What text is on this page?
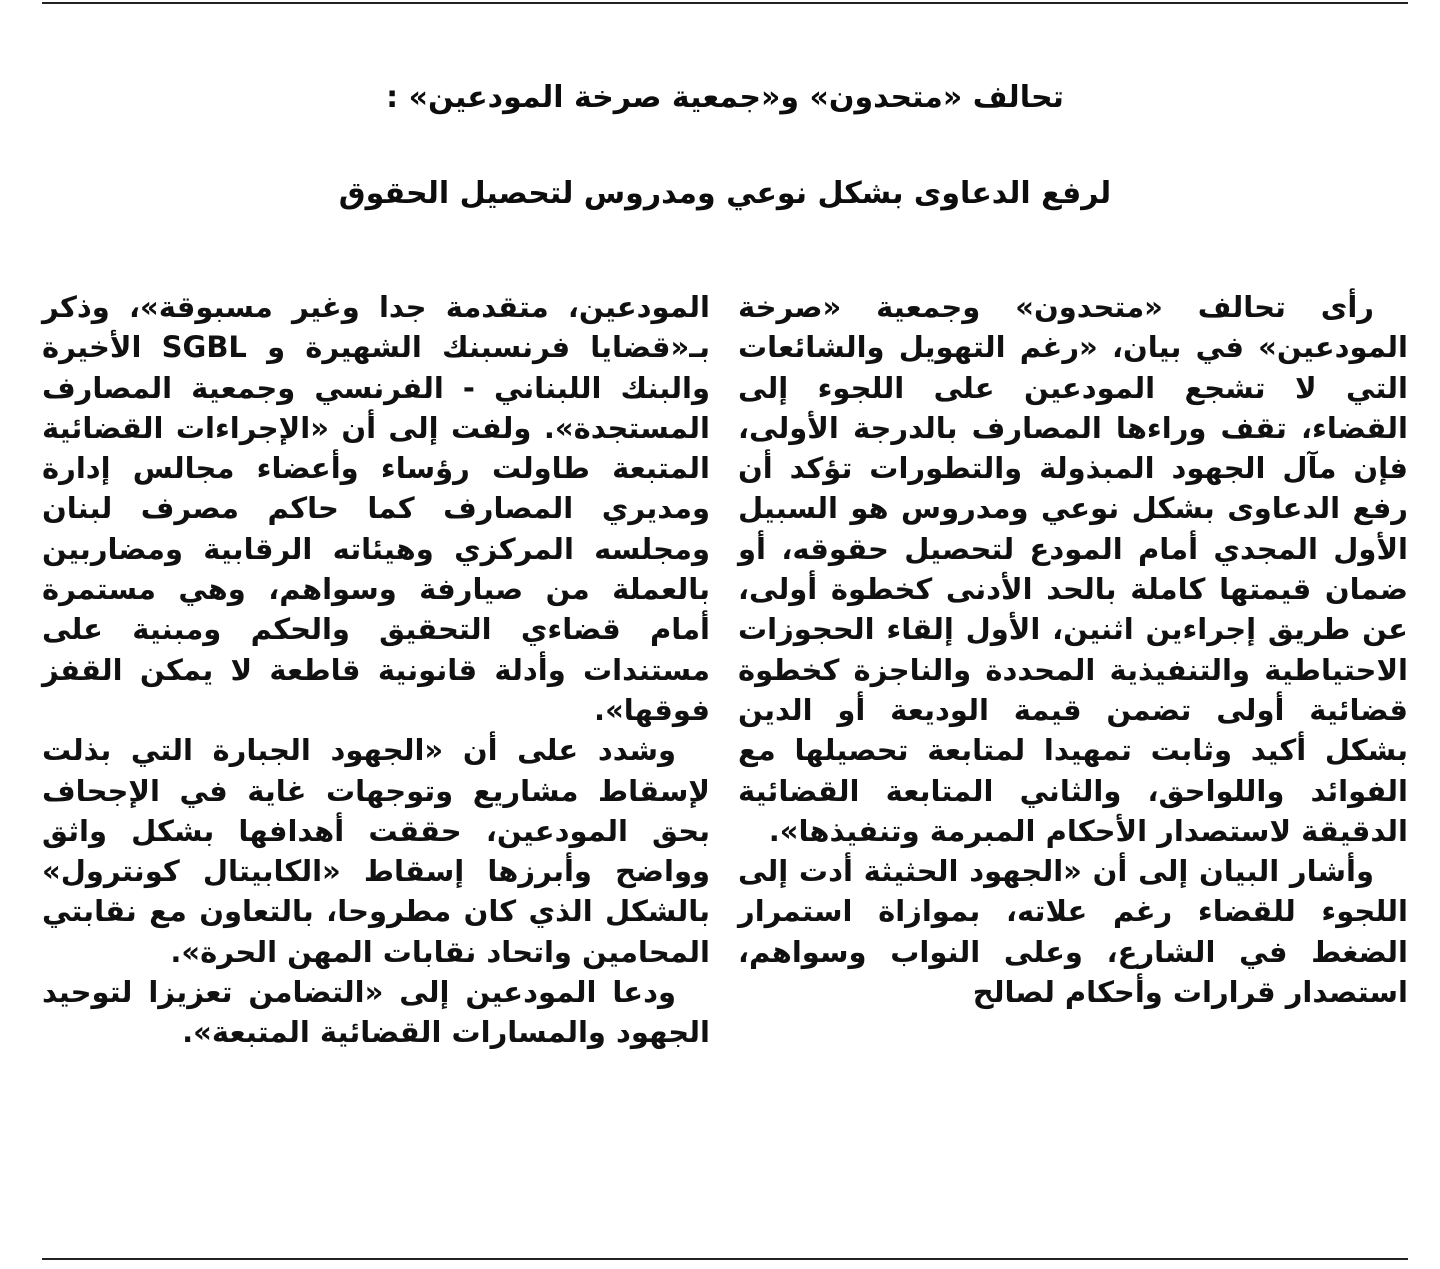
تحالف «متحدون» و«جمعية صرخة المودعين» :
لرفع الدعاوى بشكل نوعي ومدروس لتحصيل الحقوق

رأى تحالف «متحدون» وجمعية «صرخة المودعين» في بيان، «رغم التهويل والشائعات التي لا تشجع المودعين على اللجوء إلى القضاء، تقف وراءها المصارف بالدرجة الأولى، فإن مآل الجهود المبذولة والتطورات تؤكد أن رفع الدعاوى بشكل نوعي ومدروس هو السبيل الأول المجدي أمام المودع لتحصيل حقوقه، أو ضمان قيمتها كاملة بالحد الأدنى كخطوة أولى، عن طريق إجراءين اثنين، الأول إلقاء الحجوزات الاحتياطية والتنفيذية المحددة والناجزة كخطوة قضائية أولى تضمن قيمة الوديعة أو الدين بشكل أكيد وثابت تمهيدا لمتابعة تحصيلها مع الفوائد واللواحق، والثاني المتابعة القضائية الدقيقة لاستصدار الأحكام المبرمة وتنفيذها».

وأشار البيان إلى أن «الجهود الحثيثة أدت إلى اللجوء للقضاء رغم علاته، بموازاة استمرار الضغط في الشارع، وعلى النواب وسواهم، استصدار قرارات وأحكام لصالح

المودعين، متقدمة جدا وغير مسبوقة»، وذكر بـ«قضايا فرنسبنك الشهيرة و SGBL الأخيرة والبنك اللبناني - الفرنسي وجمعية المصارف المستجدة». ولفت إلى أن «الإجراءات القضائية المتبعة طاولت رؤساء وأعضاء مجالس إدارة ومديري المصارف كما حاكم مصرف لبنان ومجلسه المركزي وهيئاته الرقابية ومضاربين بالعملة من صيارفة وسواهم، وهي مستمرة أمام قضاءي التحقيق والحكم ومبنية على مستندات وأدلة قانونية قاطعة لا يمكن القفز فوقها».

وشدد على أن «الجهود الجبارة التي بذلت لإسقاط مشاريع وتوجهات غاية في الإجحاف بحق المودعين، حققت أهدافها بشكل واثق وواضح وأبرزها إسقاط «الكابيتال كونترول» بالشكل الذي كان مطروحا، بالتعاون مع نقابتي المحامين واتحاد نقابات المهن الحرة».

ودعا المودعين إلى «التضامن تعزيزا لتوحيد الجهود والمسارات القضائية المتبعة».
